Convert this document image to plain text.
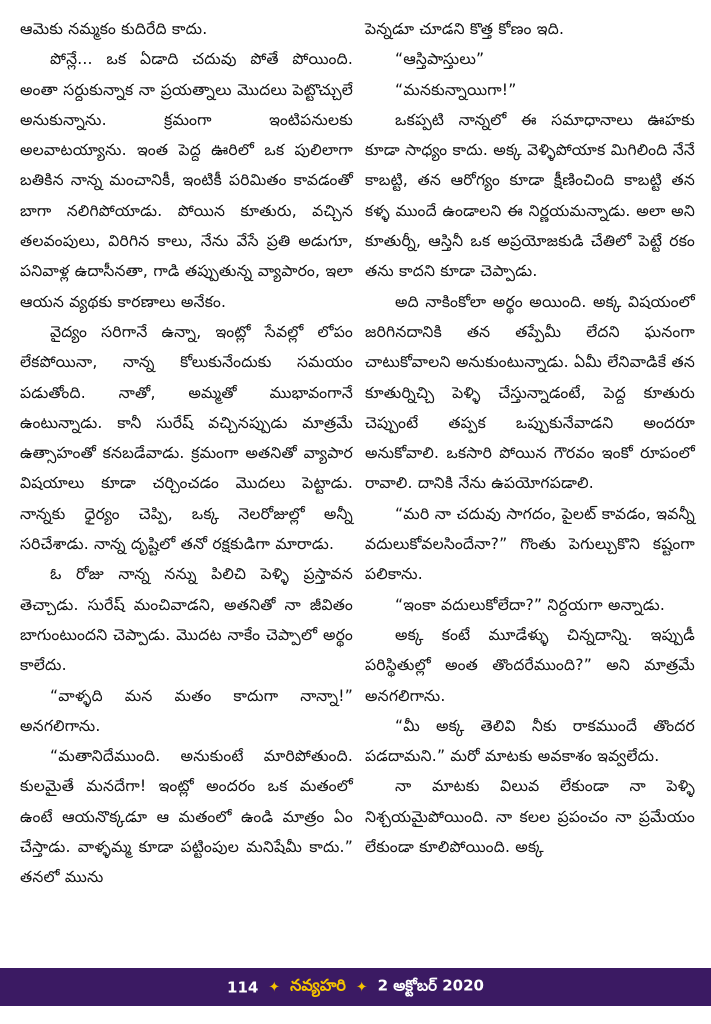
ఆమెకు నమ్మకం కుదిరేది కాదు.

పోన్లే... ఒక ఏడాది చదువు పోతే పోయింది. అంతా సర్దుకున్నాక నా ప్రయత్నాలు మొదలు పెట్టొచ్చులే అనుకున్నాను. క్రమంగా ఇంటిపనులకు అలవాటయ్యాను. ఇంత పెద్ద ఊరిలో ఒక పులిలాగా బతికిన నాన్న మంచానికీ, ఇంటికీ పరిమితం కావడంతో బాగా నలిగిపోయాడు. పోయిన కూతురు, వచ్చిన తలవంపులు, విరిగిన కాలు, నేను వేసే ప్రతి అడుగూ, పనివాళ్ల ఉదాసీనతా, గాడి తప్పుతున్న వ్యాపారం, ఇలా ఆయన వ్యథకు కారణాలు అనేకం.

వైద్యం సరిగానే ఉన్నా, ఇంట్లో సేవల్లో లోపం లేకపోయినా, నాన్న కోలుకునేందుకు సమయం పడుతోంది. నాతో, అమ్మతో ముభావంగానే ఉంటున్నాడు. కానీ సురేష్ వచ్చినప్పుడు మాత్రమే ఉత్సాహంతో కనబడేవాడు. క్రమంగా అతనితో వ్యాపార విషయాలు కూడా చర్చించడం మొదలు పెట్టాడు. నాన్నకు ధైర్యం చెప్పి, ఒక్క నెలరోజుల్లో అన్నీ సరిచేశాడు. నాన్న దృష్టిలో తనో రక్షకుడిగా మారాడు.

ఓ రోజు నాన్న నన్ను పిలిచి పెళ్ళి ప్రస్తావన తెచ్చాడు. సురేష్ మంచివాడని, అతనితో నా జీవితం బాగుంటుందని చెప్పాడు. మొదట నాకేం చెప్పాలో అర్థం కాలేదు.

“వాళ్ళది మన మతం కాదుగా నాన్నా!” అనగలిగాను.

“మతానిదేముంది. అనుకుంటే మారిపోతుంది. కులమైతే మనదేగా! ఇంట్లో అందరం ఒక మతంలో ఉంటే ఆయనొక్కడూ ఆ మతంలో ఉండి మాత్రం ఏం చేస్తాడు. వాళ్ళమ్మ కూడా పట్టింపుల మనిషేమీ కాదు.” తనలో మును

పెన్నడూ చూడని కొత్త కోణం ఇది.

“ఆస్తిపాస్తులు”

“మనకున్నాయిగా!”

ఒకప్పటి నాన్నలో ఈ సమాధానాలు ఊహకు కూడా సాధ్యం కాదు. అక్క వెళ్ళిపోయాక మిగిలింది నేనే కాబట్టి, తన ఆరోగ్యం కూడా క్షీణించింది కాబట్టి తన కళ్ళ ముందే ఉండాలని ఈ నిర్ణయమన్నాడు. అలా అని కూతుర్నీ, ఆస్తినీ ఒక అప్రయోజకుడి చేతిలో పెట్టే రకం తను కాదని కూడా చెప్పాడు.

అది నాకింకోలా అర్థం అయింది. అక్క విషయంలో జరిగినదానికి తన తప్పేమీ లేదని ఘనంగా చాటుకోవాలని అనుకుంటున్నాడు. ఏమీ లేనివాడికే తన కూతుర్నిచ్చి పెళ్ళి చేస్తున్నాడంటే, పెద్ద కూతురు చెప్పుంటే తప్పక ఒప్పుకునేవాడని అందరూ అనుకోవాలి. ఒకసారి పోయిన గౌరవం ఇంకో రూపంలో రావాలి. దానికి నేను ఉపయోగపడాలి.

“మరి నా చదువు సాగదం, పైలట్ కావడం, ఇవన్నీ వదులుకోవలసిందేనా?” గొంతు పెగుల్చుకొని కష్టంగా పలికాను.

“ఇంకా వదులుకోలేదా?” నిర్దయగా అన్నాడు.

అక్క కంటే మూడేళ్ళు చిన్నదాన్ని. ఇప్పుడీ పరిస్థితుల్లో అంత తొందరేముంది?” అని మాత్రమే అనగలిగాను.

“మీ అక్క తెలివి నీకు రాకముందే తొందర పడదామని.” మరో మాటకు అవకాశం ఇవ్వలేదు.

నా మాటకు విలువ లేకుండా నా పెళ్ళి నిశ్చయమైపోయింది. నా కలల ప్రపంచం నా ప్రమేయం లేకుండా కూలిపోయింది. అక్క

114 ✦ నవ్యహరి ✦ 2 అక్టోబర్ 2020
